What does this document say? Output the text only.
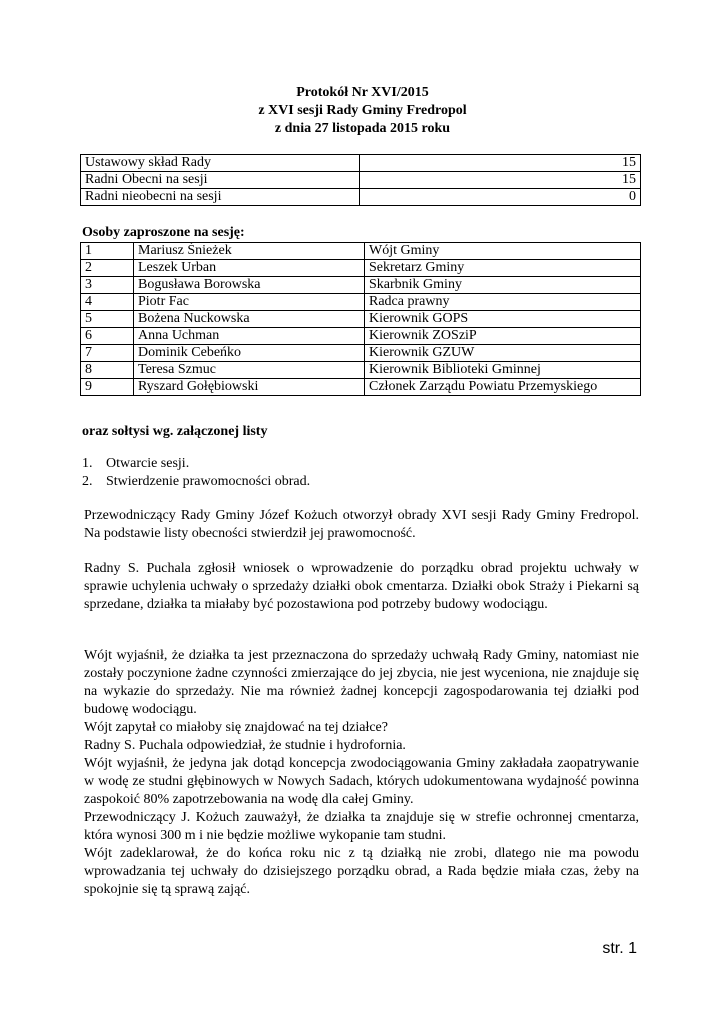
Protokół Nr XVI/2015
z XVI sesji Rady Gminy Fredropol
z dnia 27 listopada 2015 roku
Ustawowy skład Rady	15
Radni Obecni na sesji	15
Radni nieobecni na sesji	0
Osoby zaproszone na sesję:
1	Mariusz Śnieżek	Wójt Gminy
2	Leszek Urban	Sekretarz Gminy
3	Bogusława Borowska	Skarbnik Gminy
4	Piotr Fac	Radca prawny
5	Bożena Nuckowska	Kierownik GOPS
6	Anna Uchman	Kierownik ZOSziP
7	Dominik Cebeńko	Kierownik GZUW
8	Teresa Szmuc	Kierownik Biblioteki Gminnej
9	Ryszard Gołębiowski	Członek Zarządu Powiatu Przemyskiego
oraz sołtysi wg. załączonej listy
1. Otwarcie sesji.
2. Stwierdzenie prawomocności obrad.
Przewodniczący Rady Gminy Józef Kożuch otworzył obrady XVI sesji Rady Gminy Fredropol. Na podstawie listy obecności stwierdził jej prawomocność.
Radny S. Puchala zgłosił wniosek o wprowadzenie do porządku obrad projektu uchwały w sprawie uchylenia uchwały o sprzedaży działki obok cmentarza. Działki obok Straży i Piekarni są sprzedane, działka ta miałaby być pozostawiona pod potrzeby budowy wodociągu.
Wójt wyjaśnił, że działka ta jest przeznaczona do sprzedaży uchwałą Rady Gminy, natomiast nie zostały poczynione żadne czynności zmierzające do jej zbycia, nie jest wyceniona, nie znajduje się na wykazie do sprzedaży. Nie ma również żadnej koncepcji zagospodarowania tej działki pod budowę wodociągu.
Wójt zapytał co miałoby się znajdować na tej działce?
Radny S. Puchala odpowiedział, że studnie i hydrofornia.
Wójt wyjaśnił, że jedyna jak dotąd koncepcja zwodociągowania Gminy zakładała zaopatrywanie w wodę ze studni głębinowych w Nowych Sadach, których udokumentowana wydajność powinna zaspokoić 80% zapotrzebowania na wodę dla całej Gminy.
Przewodniczący J. Kożuch zauważył, że działka ta znajduje się w strefie ochronnej cmentarza, która wynosi 300 m i nie będzie możliwe wykopanie tam studni.
Wójt zadeklarował, że do końca roku nic z tą działką nie zrobi, dlatego nie ma powodu wprowadzania tej uchwały do dzisiejszego porządku obrad, a Rada będzie miała czas, żeby na spokojnie się tą sprawą zająć.
str. 1
